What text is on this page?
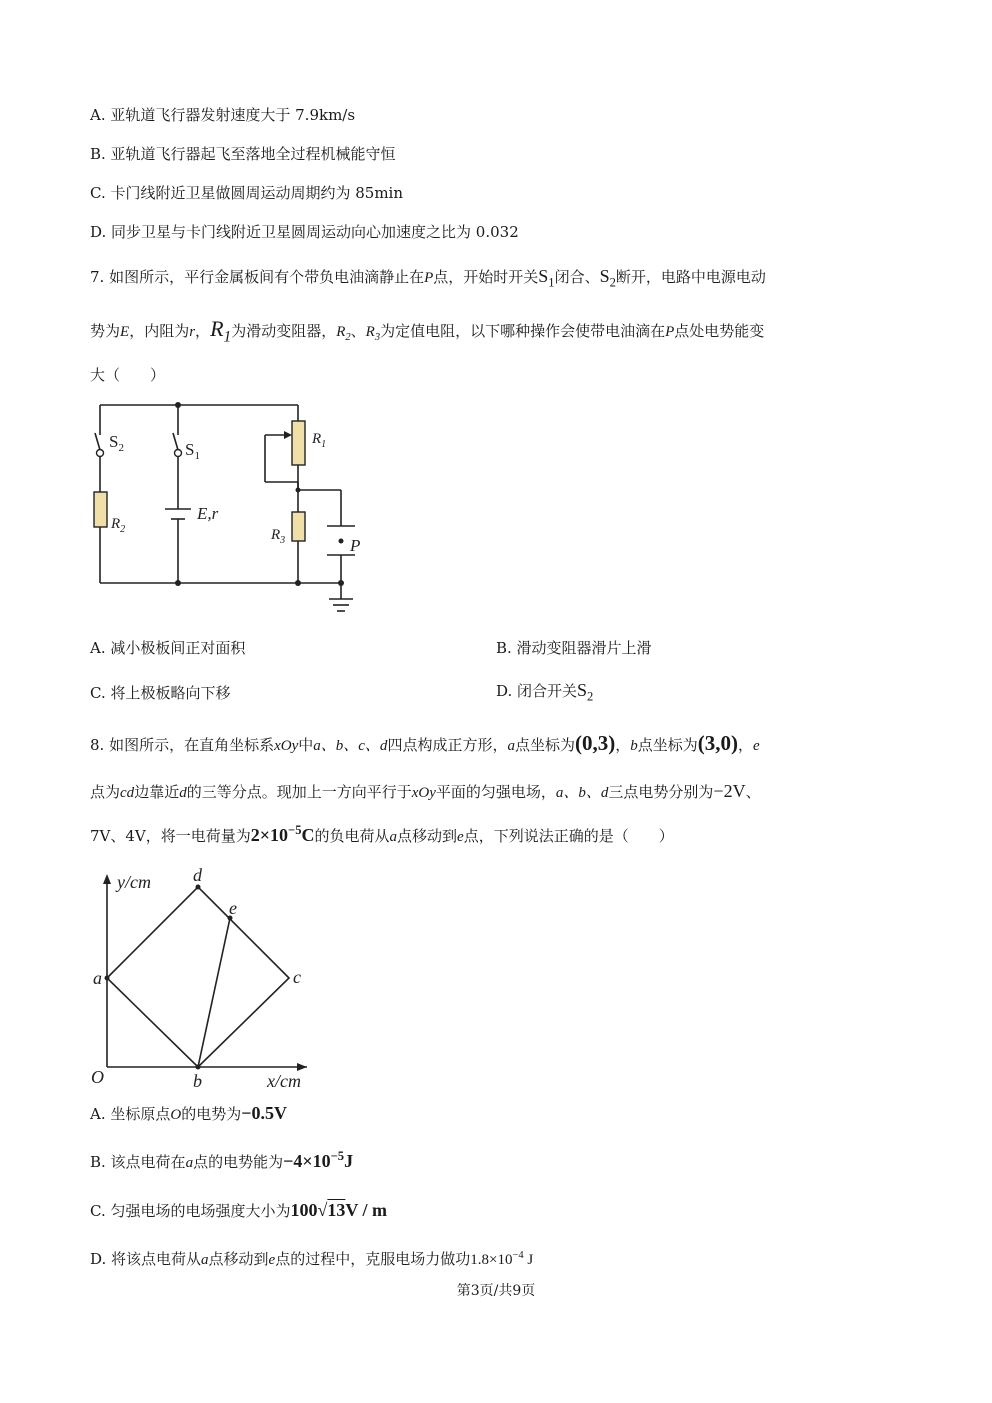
A. 亚轨道飞行器发射速度大于 7.9km/s
B. 亚轨道飞行器起飞至落地全过程机械能守恒
C. 卡门线附近卫星做圆周运动周期约为 85min
D. 同步卫星与卡门线附近卫星圆周运动向心加速度之比为 0.032
7. 如图所示，平行金属板间有个带负电油滴静止在P点，开始时开关$S_1$闭合、$S_2$断开，电路中电源电动
势为E，内阻为r，$R_1$为滑动变阻器，$R_2$、$R_3$为定值电阻，以下哪种操作会使带电油滴在P点处电势能变
大（　　）
$S_2$	$S_1$
$R_1$
$R_2$	$R_3$
E,r
P
A. 减小极板间正对面积	B. 滑动变阻器滑片上滑
C. 将上极板略向下移	D. 闭合开关$S_2$
8. 如图所示，在直角坐标系xOy中a、b、c、d四点构成正方形，a点坐标为(0,3)，b点坐标为(3,0)，e
点为cd边靠近d的三等分点。现加上一方向平行于xOy平面的匀强电场，a、b、d三点电势分别为−2V、
7V、4V，将一电荷量为$2\times 10^{-5}C$的负电荷从a点移动到e点，下列说法正确的是（　　）
y/cm
x/cm
O
a
b
c
d
e
A. 坐标原点O的电势为−0.5V
B. 该点电荷在a点的电势能为$-4\times 10^{-5}J$
C. 匀强电场的电场强度大小为100√13V / m
D. 将该点电荷从a点移动到e点的过程中，克服电场力做功$1.8\times 10^{-4}$ J
第3页/共9页
